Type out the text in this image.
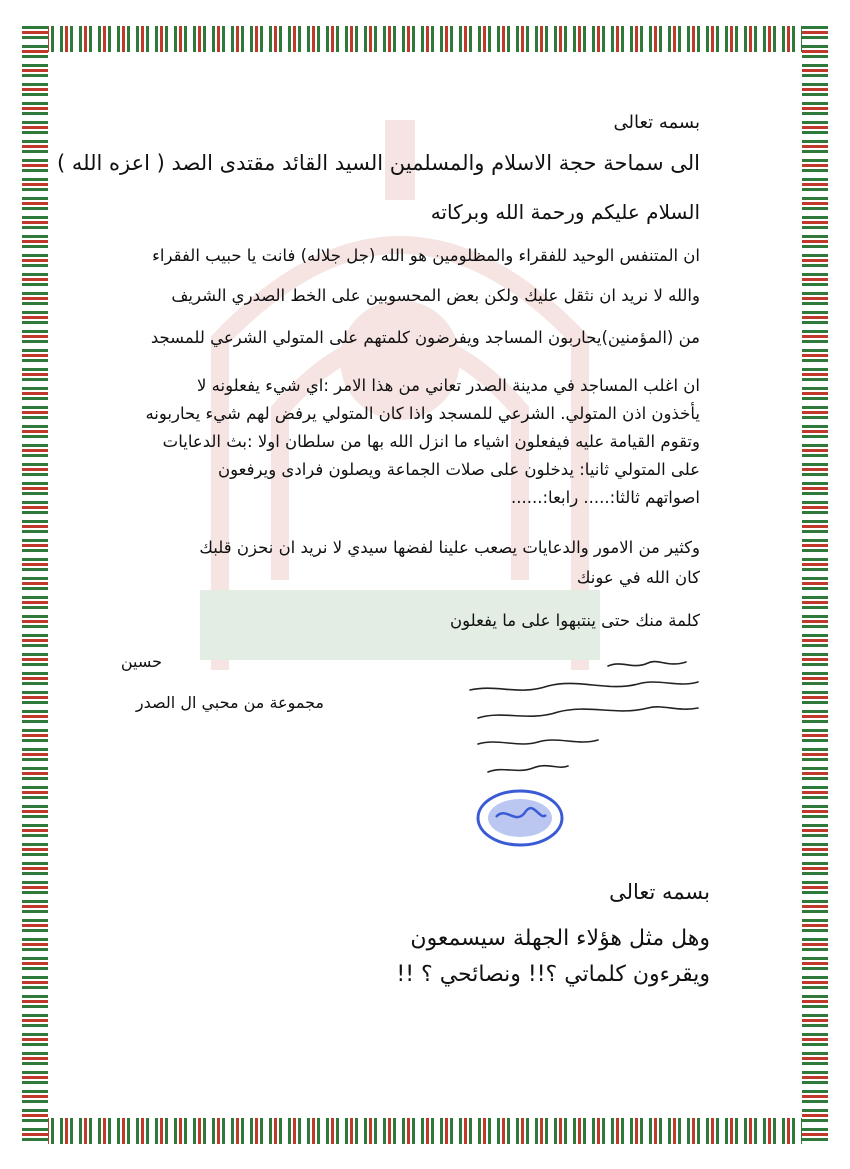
بسمه تعالى
الى سماحة حجة الاسلام والمسلمين السيد القائد مقتدى الصد ( اعزه الله )
السلام عليكم ورحمة الله وبركاته
ان المتنفس الوحيد للفقراء والمظلومين هو الله (جل جلاله) فانت يا حبيب الفقراء
والله لا نريد ان نثقل عليك ولكن بعض المحسوبين على الخط الصدري الشريف
من (المؤمنين)يحاربون المساجد ويفرضون كلمتهم على المتولي الشرعي للمسجد
ان اغلب المساجد في مدينة الصدر تعاني من هذا الامر :اي شيء يفعلونه لا
يأخذون اذن المتولي. الشرعي للمسجد واذا كان المتولي يرفض لهم شيء يحاربونه
وتقوم القيامة عليه فيفعلون اشياء ما انزل الله بها من سلطان اولا :بث الدعايات
على المتولي ثانيا: يدخلون على صلات الجماعة ويصلون فرادى ويرفعون
اصواتهم ثالثا:..... رابعا:......
وكثير من الامور والدعايات يصعب علينا لفضها سيدي لا نريد ان نحزن قلبك
كان الله في عونك
كلمة منك حتى ينتبهوا على ما يفعلون
حسين
مجموعة من محبي ال الصدر
بسمه تعالى
وهل مثل هؤلاء الجهلة سيسمعون
ويقرءون كلماتي ؟!! ونصائحي ؟ !!
